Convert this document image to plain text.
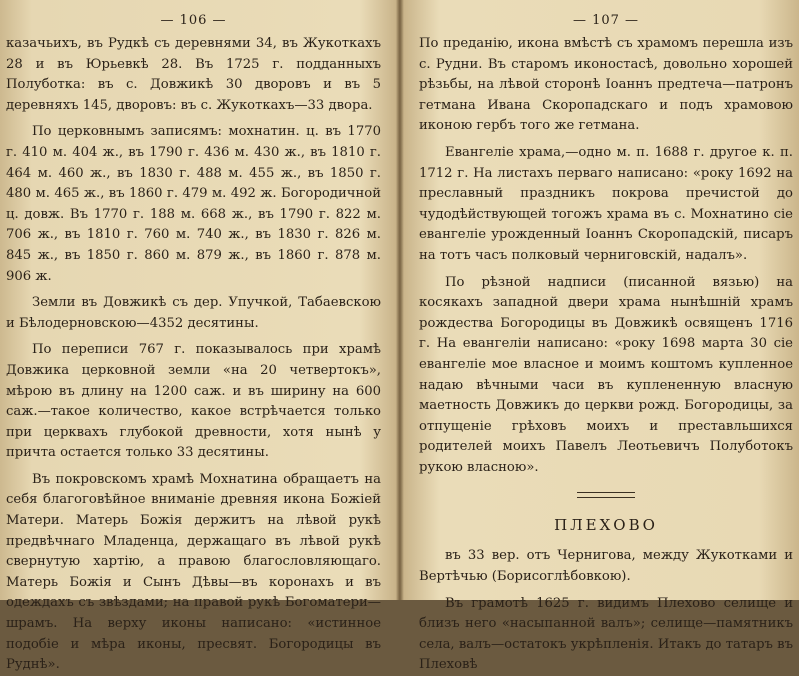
— 106 —

казачьихъ, въ Рудкѣ съ деревнями 34, въ Жукоткахъ 28 и въ Юрьевкѣ 28. Въ 1725 г. подданныхъ Полуботка: въ с. Довжикѣ 30 дворовъ и въ 5 деревняхъ 145, дворовъ: въ с. Жукоткахъ—33 двора.

По церковнымъ записямъ: мохнатин. ц. въ 1770 г. 410 м. 404 ж., въ 1790 г. 436 м. 430 ж., въ 1810 г. 464 м. 460 ж., въ 1830 г. 488 м. 455 ж., въ 1850 г. 480 м. 465 ж., въ 1860 г. 479 м. 492 ж. Богородичной ц. довж. Въ 1770 г. 188 м. 668 ж., въ 1790 г. 822 м. 706 ж., въ 1810 г. 760 м. 740 ж., въ 1830 г. 826 м. 845 ж., въ 1850 г. 860 м. 879 ж., въ 1860 г. 878 м. 906 ж.

Земли въ Довжикѣ съ дер. Упучкой, Табаевскою и Бѣлодерновскою—4352 десятины.

По переписи 767 г. показывалось при храмѣ Довжика церковной земли «на 20 четвертокъ», мѣрою въ длину на 1200 саж. и въ ширину на 600 саж.—такое количество, какое встрѣчается только при церквахъ глубокой древности, хотя нынѣ у причта остается только 33 десятины.

Въ покровскомъ храмѣ Мохнатина обращаетъ на себя благоговѣйное вниманіе древняя икона Божіей Матери. Матерь Божія держитъ на лѣвой рукѣ предвѣчнаго Младенца, держащаго въ лѣвой рукѣ свернутую хартію, а правою благословляющаго. Матерь Божія и Сынъ Дѣвы—въ коронахъ и въ одеждахъ съ звѣздами; на правой рукѣ Богоматери—шрамъ. На верху иконы написано: «истинное подобіе и мѣра иконы, пресвят. Богородицы въ Руднѣ».

— 107 —

По преданію, икона вмѣстѣ съ храмомъ перешла изъ с. Рудни. Въ старомъ иконостасѣ, довольно хорошей рѣзьбы, на лѣвой сторонѣ Іоаннъ предтеча—патронъ гетмана Ивана Скоропадскаго и подъ храмовою иконою гербъ того же гетмана.

Евангеліе храма,—одно м. п. 1688 г. другое к. п. 1712 г. На листахъ перваго написано: «року 1692 на преславный праздникъ покрова пречистой до чудодѣйствующей тогожъ храма въ с. Мохнатино сіе евангеліе урожденный Іоаннъ Скоропадскій, писаръ на тотъ часъ полковый черниговскій, надалъ».

По рѣзной надписи (писанной вязью) на косякахъ западной двери храма нынѣшній храмъ рождества Богородицы въ Довжикѣ освященъ 1716 г. На евангеліи написано: «року 1698 марта 30 сіе евангеліе мое власное и моимъ коштомъ купленное надаю вѣчными часи въ куплененную власную маетность Довжикъ до церкви рожд. Богородицы, за отпущеніе грѣховъ моихъ и преставльшихся родителей моихъ Павелъ Леотьевичъ Полуботокъ рукою власною».

ПЛЕХОВО

въ 33 вер. отъ Чернигова, между Жукотками и Вертѣчью (Борисоглѣбовкою).

Въ грамотѣ 1625 г. видимъ Плехово селище и близъ него «насыпанной валъ»; селище—памятникъ села, валъ—остатокъ укрѣпленія. Итакъ до татаръ въ Плеховѣ
